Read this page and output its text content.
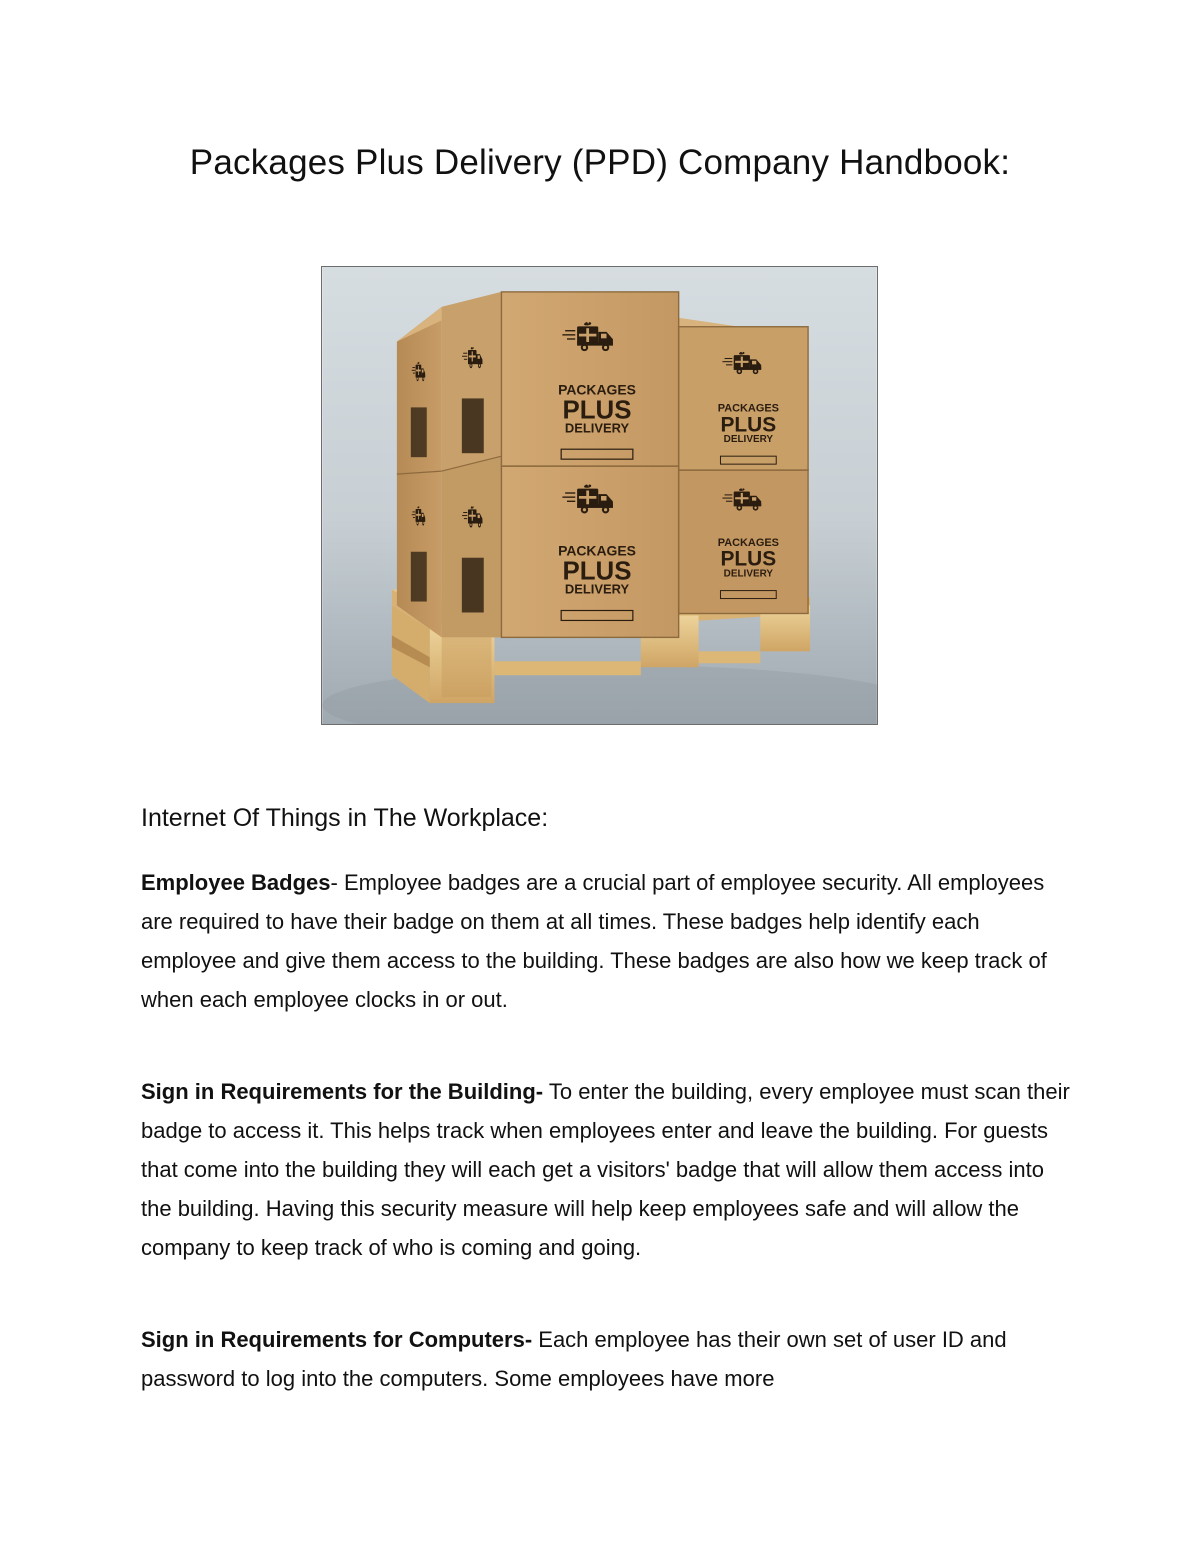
Packages Plus Delivery (PPD) Company Handbook:
PACKAGES
PLUS
DELIVERY
PACKAGES
PLUS
DELIVERY
PACKAGES
PLUS
DELIVERY
PACKAGES
PLUS
DELIVERY
Internet Of Things in The Workplace:

Employee Badges- Employee badges are a crucial part of employee security. All employees are required to have their badge on them at all times. These badges help identify each employee and give them access to the building. These badges are also how we keep track of when each employee clocks in or out.

Sign in Requirements for the Building- To enter the building, every employee must scan their badge to access it. This helps track when employees enter and leave the building. For guests that come into the building they will each get a visitors' badge that will allow them access into the building. Having this security measure will help keep employees safe and will allow the company to keep track of who is coming and going.

Sign in Requirements for Computers- Each employee has their own set of user ID and password to log into the computers. Some employees have more
